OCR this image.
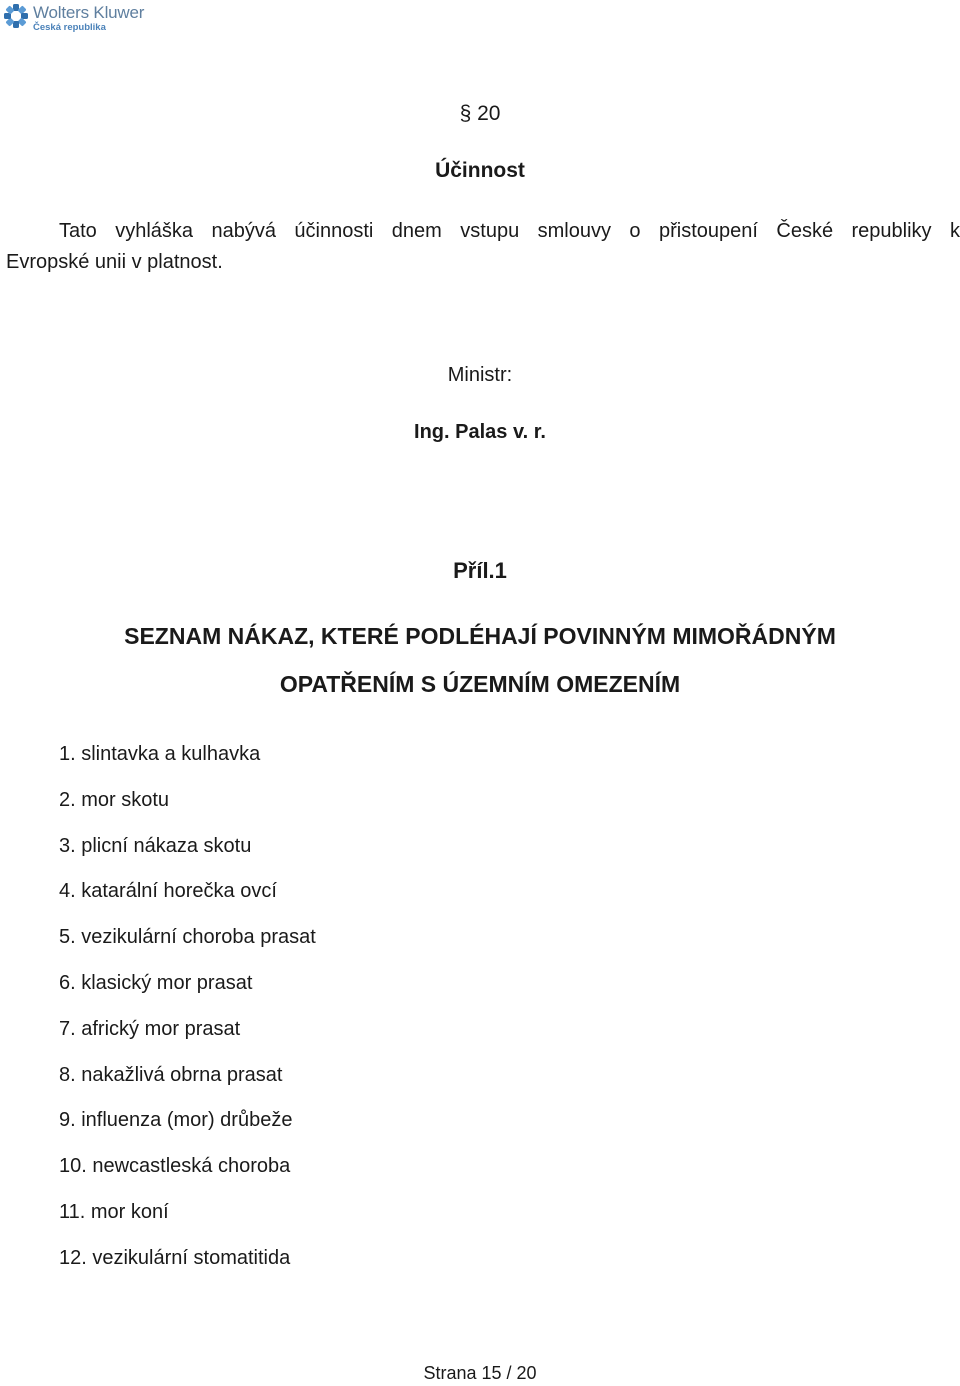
Wolters Kluwer
Česká republika
§ 20
Účinnost
Tato vyhláška nabývá účinnosti dnem vstupu smlouvy o přistoupení České republiky k
Evropské unii v platnost.
Ministr:
Ing. Palas v. r.
Příl.1
SEZNAM NÁKAZ, KTERÉ PODLÉHAJÍ POVINNÝM MIMOŘÁDNÝM
OPATŘENÍM S ÚZEMNÍM OMEZENÍM
1. slintavka a kulhavka
2. mor skotu
3. plicní nákaza skotu
4. katarální horečka ovcí
5. vezikulární choroba prasat
6. klasický mor prasat
7. africký mor prasat
8. nakažlivá obrna prasat
9. influenza (mor) drůbeže
10. newcastleská choroba
11. mor koní
12. vezikulární stomatitida
Strana 15 / 20
